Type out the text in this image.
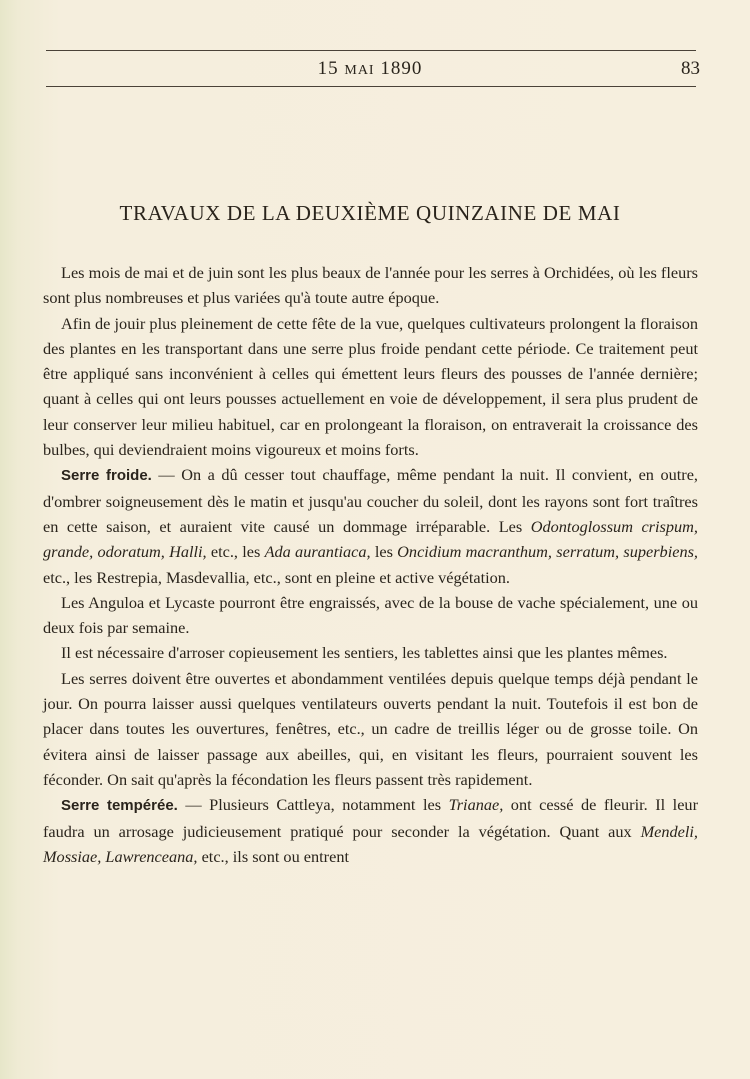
15 MAI 1890	83
TRAVAUX DE LA DEUXIÈME QUINZAINE DE MAI

Les mois de mai et de juin sont les plus beaux de l'année pour les serres à Orchidées, où les fleurs sont plus nombreuses et plus variées qu'à toute autre époque.

Afin de jouir plus pleinement de cette fête de la vue, quelques cultivateurs prolongent la floraison des plantes en les transportant dans une serre plus froide pendant cette période. Ce traitement peut être appliqué sans inconvénient à celles qui émettent leurs fleurs des pousses de l'année dernière; quant à celles qui ont leurs pousses actuellement en voie de développement, il sera plus prudent de leur conserver leur milieu habituel, car en prolongeant la floraison, on entraverait la croissance des bulbes, qui deviendraient moins vigoureux et moins forts.

Serre froide. — On a dû cesser tout chauffage, même pendant la nuit. Il convient, en outre, d'ombrer soigneusement dès le matin et jusqu'au coucher du soleil, dont les rayons sont fort traîtres en cette saison, et auraient vite causé un dommage irréparable. Les Odontoglossum crispum, grande, odoratum, Halli, etc., les Ada aurantiaca, les Oncidium macranthum, serratum, superbiens, etc., les Restrepia, Masdevallia, etc., sont en pleine et active végétation.

Les Anguloa et Lycaste pourront être engraissés, avec de la bouse de vache spécialement, une ou deux fois par semaine.

Il est nécessaire d'arroser copieusement les sentiers, les tablettes ainsi que les plantes mêmes.

Les serres doivent être ouvertes et abondamment ventilées depuis quelque temps déjà pendant le jour. On pourra laisser aussi quelques ventilateurs ouverts pendant la nuit. Toutefois il est bon de placer dans toutes les ouvertures, fenêtres, etc., un cadre de treillis léger ou de grosse toile. On évitera ainsi de laisser passage aux abeilles, qui, en visitant les fleurs, pourraient souvent les féconder. On sait qu'après la fécondation les fleurs passent très rapidement.

Serre tempérée. — Plusieurs Cattleya, notamment les Trianae, ont cessé de fleurir. Il leur faudra un arrosage judicieusement pratiqué pour seconder la végétation. Quant aux Mendeli, Mossiae, Lawrenceana, etc., ils sont ou entrent
